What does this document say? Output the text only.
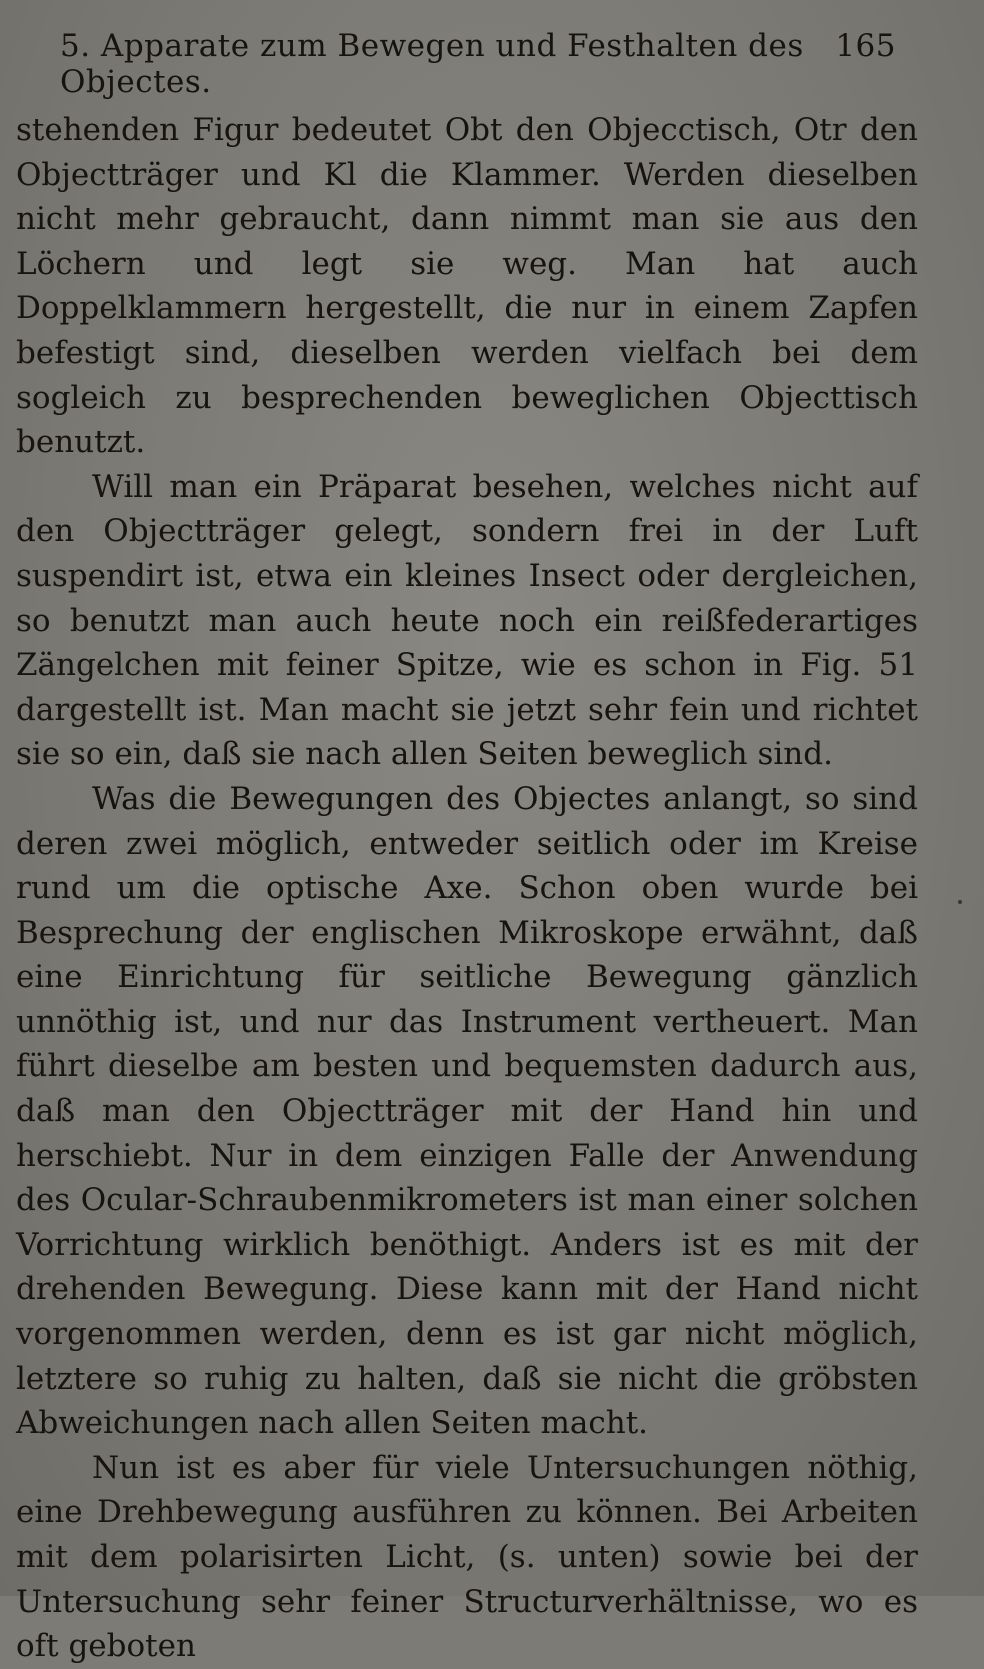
5. Apparate zum Bewegen und Festhalten des Objectes.
165

stehenden Figur bedeutet Obt den Objecctisch, Otr den Objectträger und Kl die Klammer. Werden dieselben nicht mehr gebraucht, dann nimmt man sie aus den Löchern und legt sie weg. Man hat auch Doppelklammern hergestellt, die nur in einem Zapfen befestigt sind, dieselben werden vielfach bei dem sogleich zu besprechenden beweglichen Objecttisch benutzt.

Will man ein Präparat besehen, welches nicht auf den Objectträger gelegt, sondern frei in der Luft suspendirt ist, etwa ein kleines Insect oder dergleichen, so benutzt man auch heute noch ein reißfederartiges Zängelchen mit feiner Spitze, wie es schon in Fig. 51 dargestellt ist. Man macht sie jetzt sehr fein und richtet sie so ein, daß sie nach allen Seiten beweglich sind.

Was die Bewegungen des Objectes anlangt, so sind deren zwei möglich, entweder seitlich oder im Kreise rund um die optische Axe. Schon oben wurde bei Besprechung der englischen Mikroskope erwähnt, daß eine Einrichtung für seitliche Bewegung gänzlich unnöthig ist, und nur das Instrument vertheuert. Man führt dieselbe am besten und bequemsten dadurch aus, daß man den Objectträger mit der Hand hin und herschiebt. Nur in dem einzigen Falle der Anwendung des Ocular-Schraubenmikrometers ist man einer solchen Vorrichtung wirklich benöthigt. Anders ist es mit der drehenden Bewegung. Diese kann mit der Hand nicht vorgenommen werden, denn es ist gar nicht möglich, letztere so ruhig zu halten, daß sie nicht die gröbsten Abweichungen nach allen Seiten macht.

Nun ist es aber für viele Untersuchungen nöthig, eine Drehbewegung ausführen zu können. Bei Arbeiten mit dem polarisirten Licht, (s. unten) sowie bei der Untersuchung sehr feiner Structurverhältnisse, wo es oft geboten
